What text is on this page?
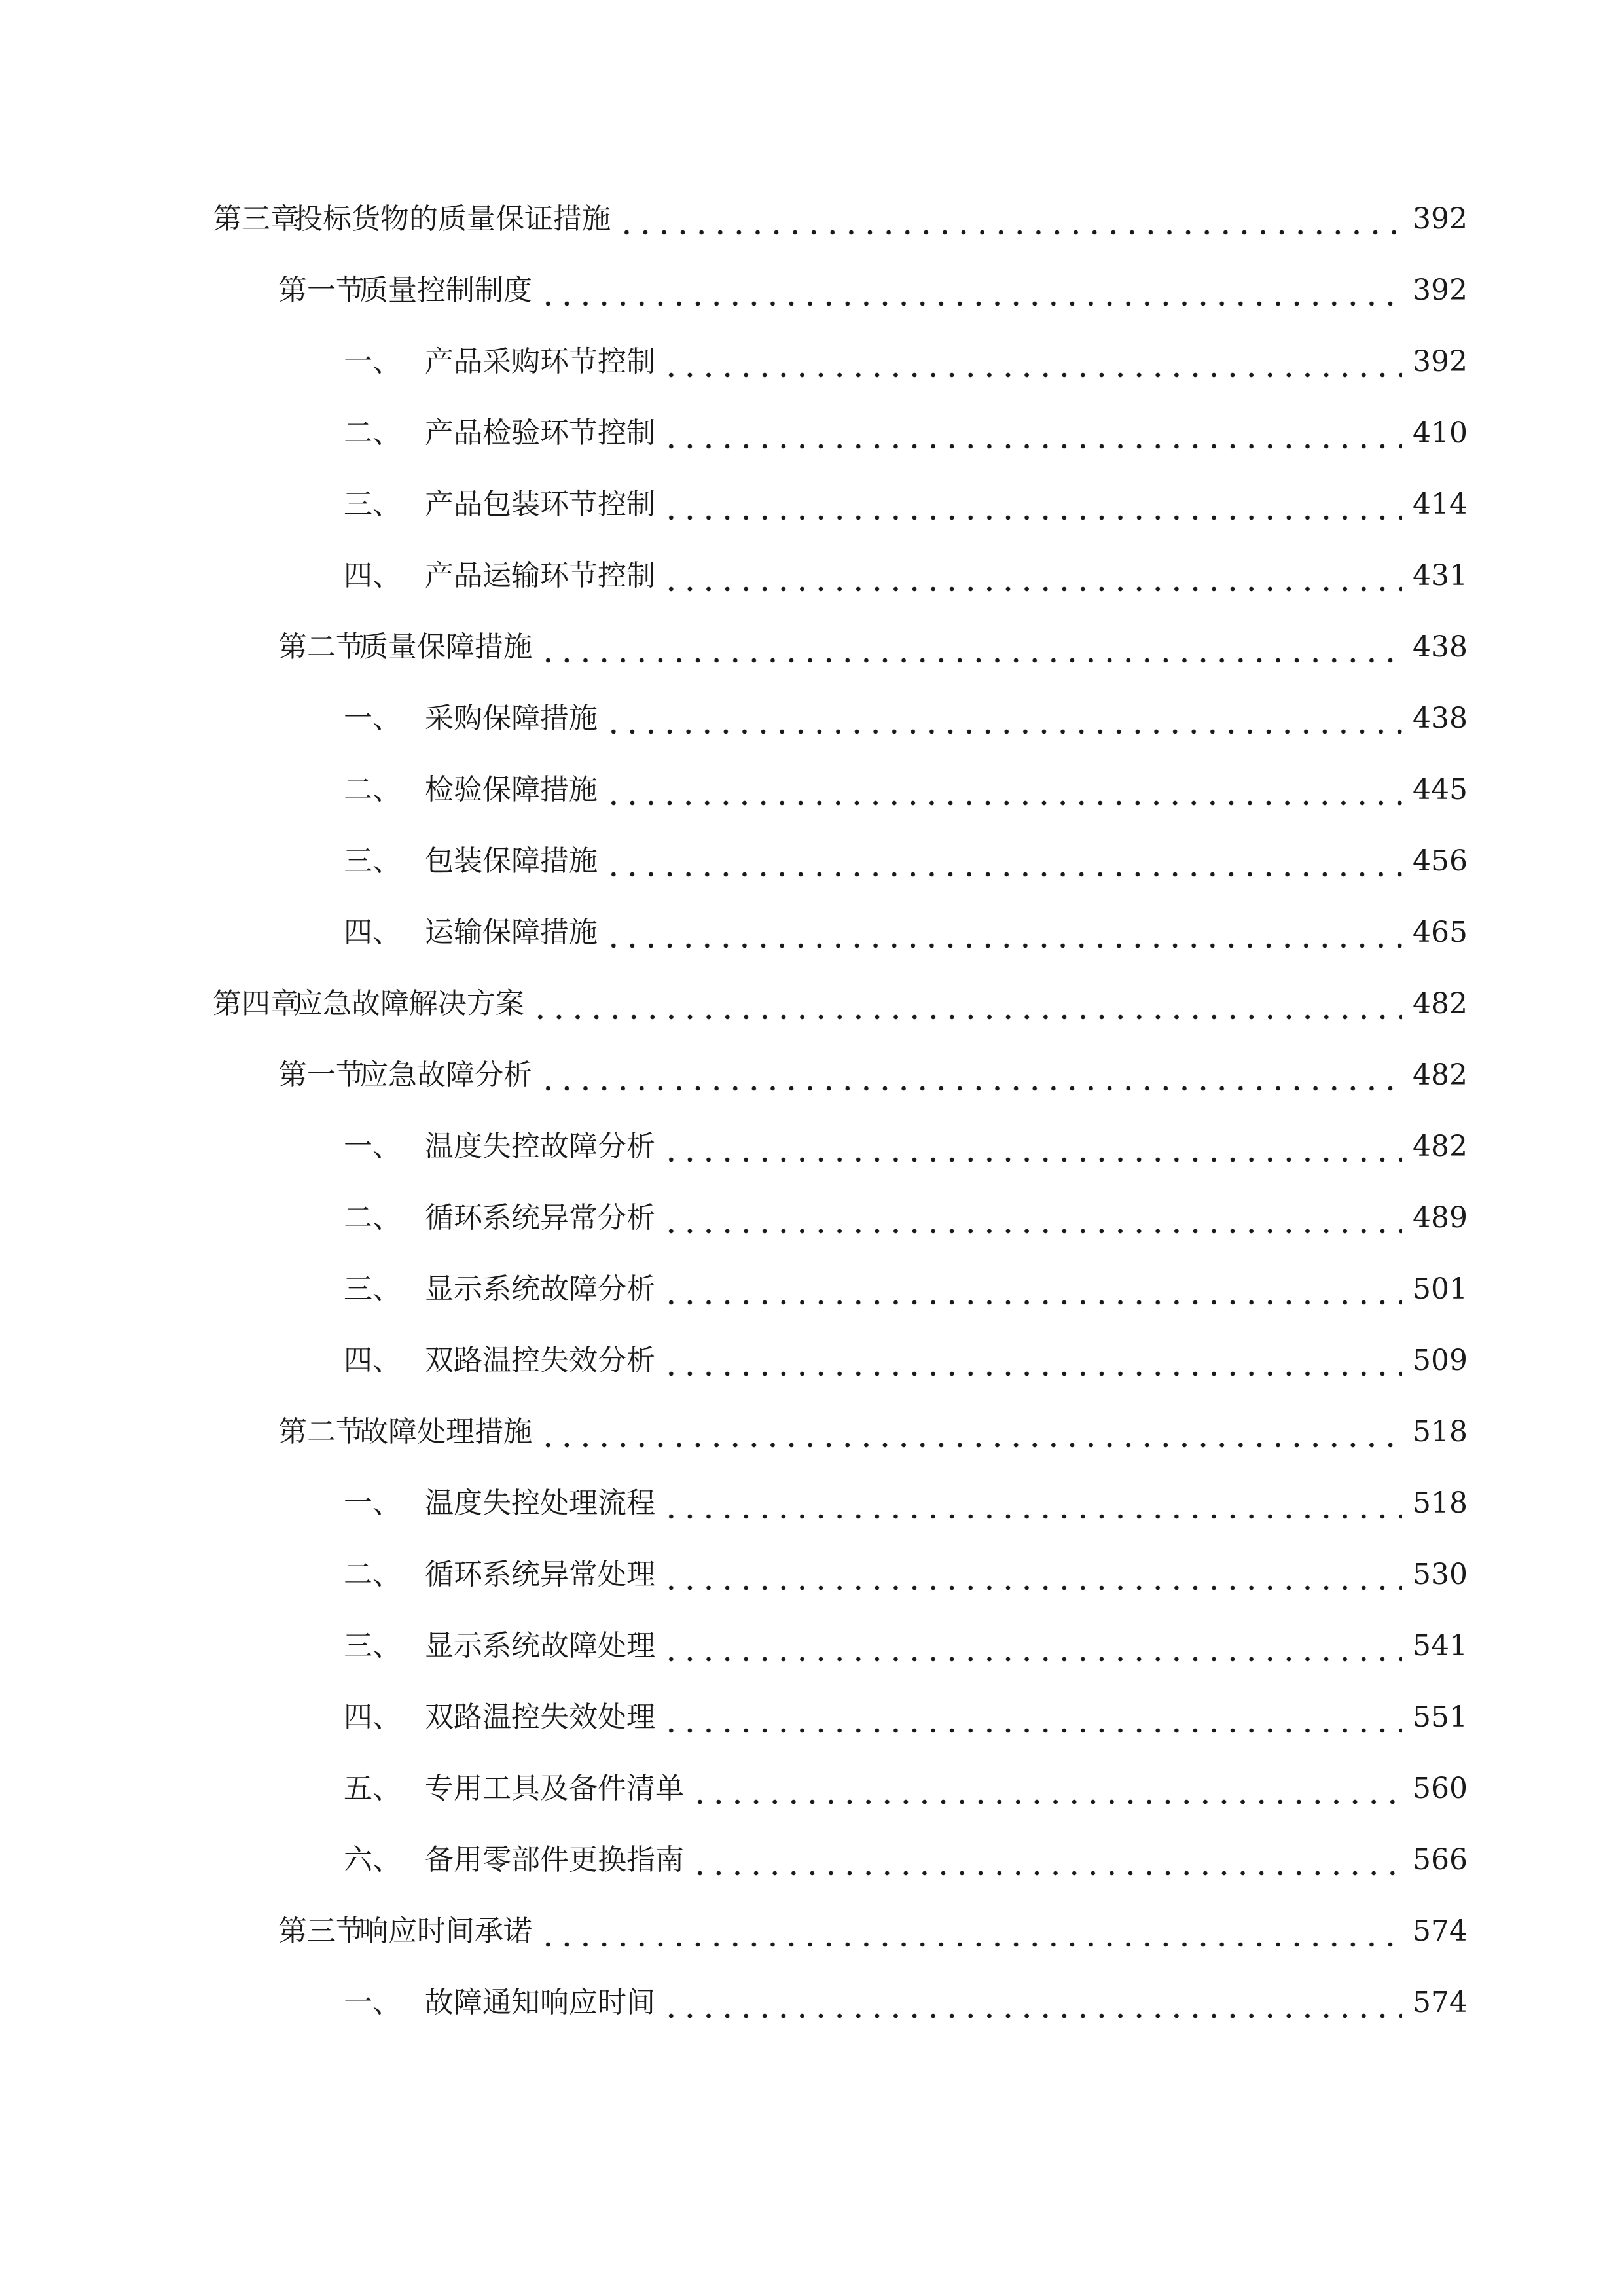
第三章投标货物的质量保证措施	392
第一节质量控制制度	392
一、 产品采购环节控制	392
二、 产品检验环节控制	410
三、 产品包装环节控制	414
四、 产品运输环节控制	431
第二节质量保障措施	438
一、 采购保障措施	438
二、 检验保障措施	445
三、 包装保障措施	456
四、 运输保障措施	465
第四章应急故障解决方案	482
第一节应急故障分析	482
一、 温度失控故障分析	482
二、 循环系统异常分析	489
三、 显示系统故障分析	501
四、 双路温控失效分析	509
第二节故障处理措施	518
一、 温度失控处理流程	518
二、 循环系统异常处理	530
三、 显示系统故障处理	541
四、 双路温控失效处理	551
五、 专用工具及备件清单	560
六、 备用零部件更换指南	566
第三节响应时间承诺	574
一、 故障通知响应时间	574
